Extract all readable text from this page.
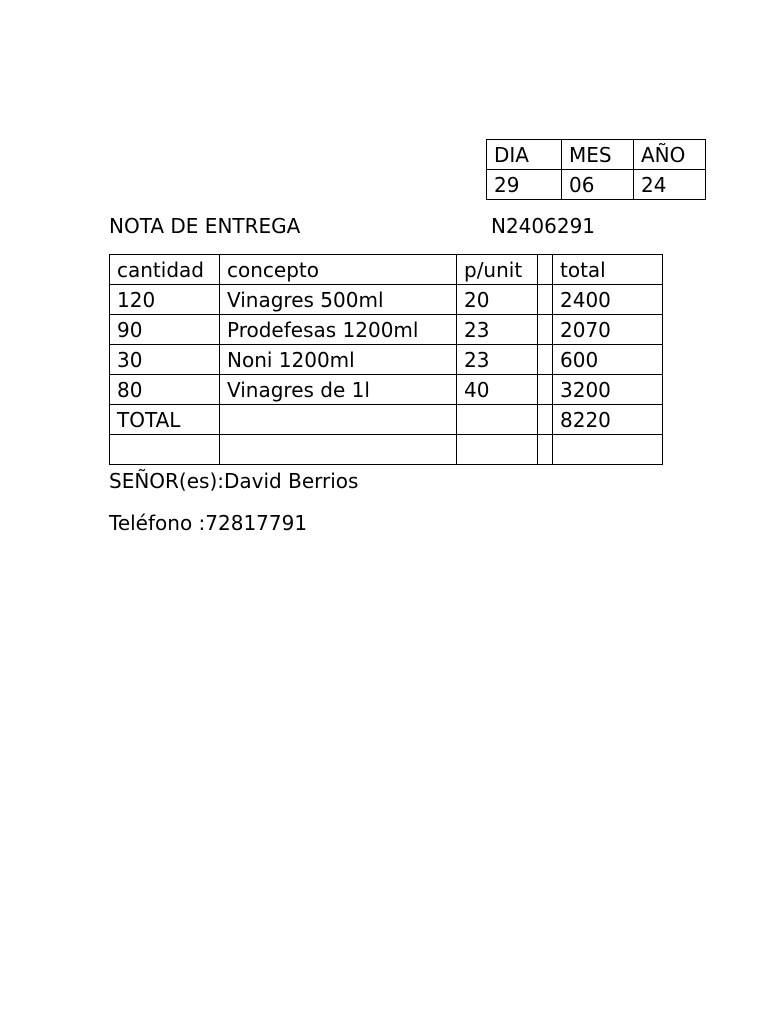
DIA	MES	AÑO
29	06	24
NOTA DE ENTREGA	N2406291
cantidad	concepto	p/unit		total
120	Vinagres 500ml	20		2400
90	Prodefesas 1200ml	23		2070
30	Noni 1200ml	23		600
80	Vinagres de 1l	40		3200
TOTAL				8220

SEÑOR(es):David Berrios
Teléfono :72817791
